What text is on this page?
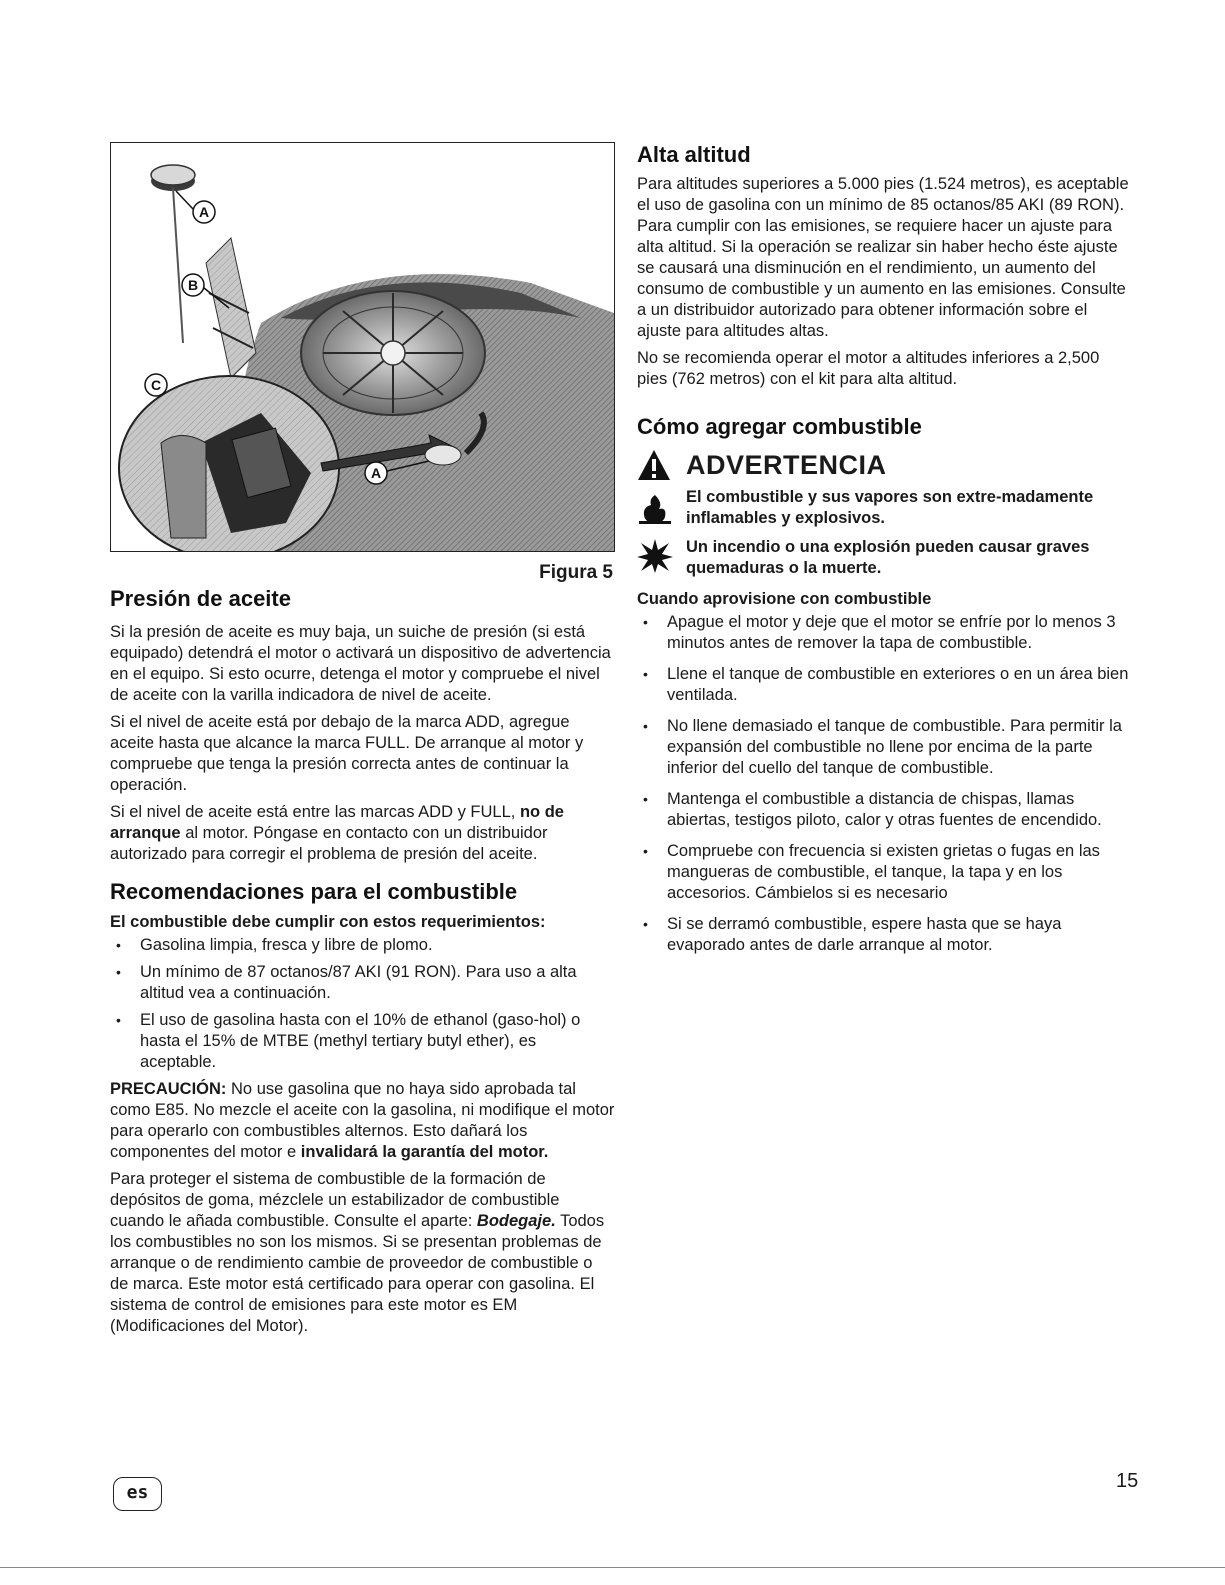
A
B
C
A
Figura 5
Presión de aceite

Si la presión de aceite es muy baja, un suiche de presión (si está equipado) detendrá el motor o activará un dispositivo de advertencia en el equipo. Si esto ocurre, detenga el motor y compruebe el nivel de aceite con la varilla indicadora de nivel de aceite.

Si el nivel de aceite está por debajo de la marca ADD, agregue aceite hasta que alcance la marca FULL. De arranque al motor y compruebe que tenga la presión correcta antes de continuar la operación.

Si el nivel de aceite está entre las marcas ADD y FULL, no de arranque al motor. Póngase en contacto con un distribuidor autorizado para corregir el problema de presión del aceite.

Recomendaciones para el combustible

El combustible debe cumplir con estos requerimientos:

• Gasolina limpia, fresca y libre de plomo.
• Un mínimo de 87 octanos/87 AKI (91 RON). Para uso a alta altitud vea a continuación.
• El uso de gasolina hasta con el 10% de ethanol (gaso-hol) o hasta el 15% de MTBE (methyl tertiary butyl ether), es aceptable.

PRECAUCIÓN: No use gasolina que no haya sido aprobada tal como E85. No mezcle el aceite con la gasolina, ni modifique el motor para operarlo con combustibles alternos. Esto dañará los componentes del motor e invalidará la garantía del motor.

Para proteger el sistema de combustible de la formación de depósitos de goma, mézclele un estabilizador de combustible cuando le añada combustible. Consulte el aparte: Bodegaje. Todos los combustibles no son los mismos. Si se presentan problemas de arranque o de rendimiento cambie de proveedor de combustible o de marca. Este motor está certificado para operar con gasolina. El sistema de control de emisiones para este motor es EM (Modificaciones del Motor).

Alta altitud

Para altitudes superiores a 5.000 pies (1.524 metros), es aceptable el uso de gasolina con un mínimo de 85 octanos/85 AKI (89 RON). Para cumplir con las emisiones, se requiere hacer un ajuste para alta altitud. Si la operación se realizar sin haber hecho éste ajuste se causará una disminución en el rendimiento, un aumento del consumo de combustible y un aumento en las emisiones. Consulte a un distribuidor autorizado para obtener información sobre el ajuste para altitudes altas.

No se recomienda operar el motor a altitudes inferiores a 2,500 pies (762 metros) con el kit para alta altitud.

Cómo agregar combustible
ADVERTENCIA
El combustible y sus vapores son extre-madamente inflamables y explosivos.
Un incendio o una explosión pueden causar graves quemaduras o la muerte.

Cuando aprovisione con combustible

• Apague el motor y deje que el motor se enfríe por lo menos 3 minutos antes de remover la tapa de combustible.
• Llene el tanque de combustible en exteriores o en un área bien ventilada.
• No llene demasiado el tanque de combustible. Para permitir la expansión del combustible no llene por encima de la parte inferior del cuello del tanque de combustible.
• Mantenga el combustible a distancia de chispas, llamas abiertas, testigos piloto, calor y otras fuentes de encendido.
• Compruebe con frecuencia si existen grietas o fugas en las mangueras de combustible, el tanque, la tapa y en los accesorios. Cámbielos si es necesario
• Si se derramó combustible, espere hasta que se haya evaporado antes de darle arranque al motor.
es
15
